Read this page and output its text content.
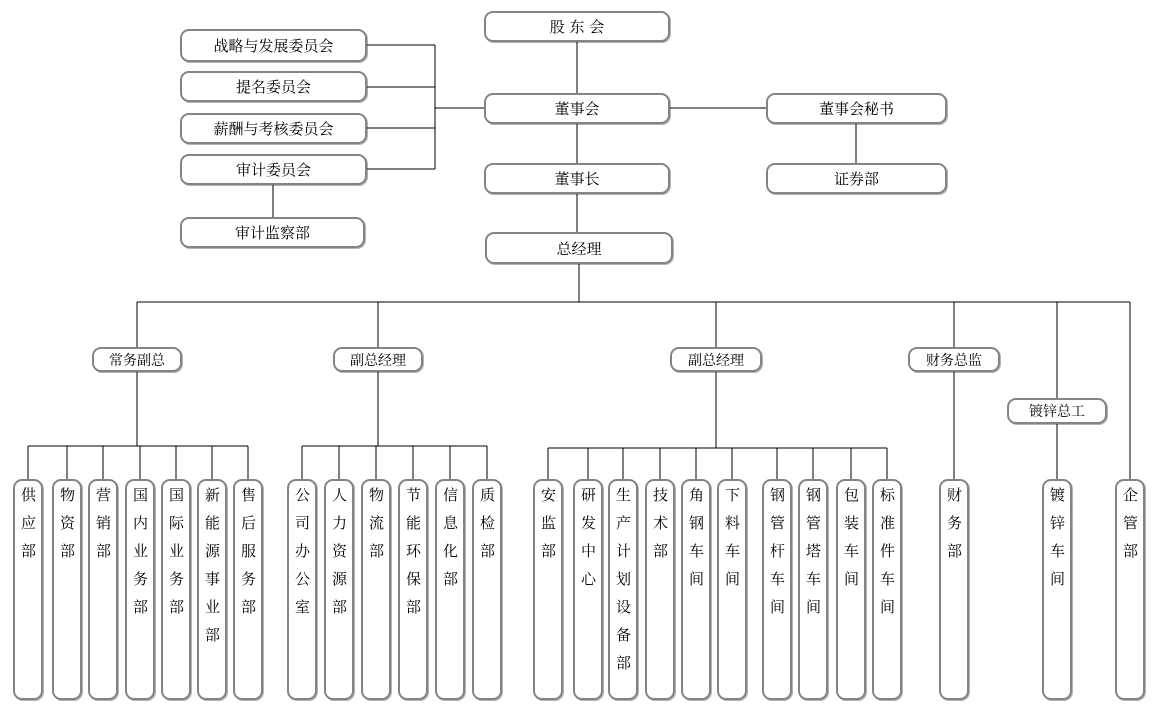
股 东 会
董事会	董事会秘书
董事长	证券部
总经理
战略与发展委员会
提名委员会
薪酬与考核委员会
审计委员会
审计监察部
常务副总	副总经理	副总经理	财务总监
镀锌总工
供应部	物资部	营销部	国内业务部	国际业务部	新能源事业部	售后服务部	公司办公室	人力资源部	物流部	节能环保部	信息化部	质检部	安监部	研发中心	生产计划设备部	技术部	角钢车间	下料车间	钢管杆车间	钢管塔车间	包装车间	标准件车间	财务部	镀锌车间	企管部
